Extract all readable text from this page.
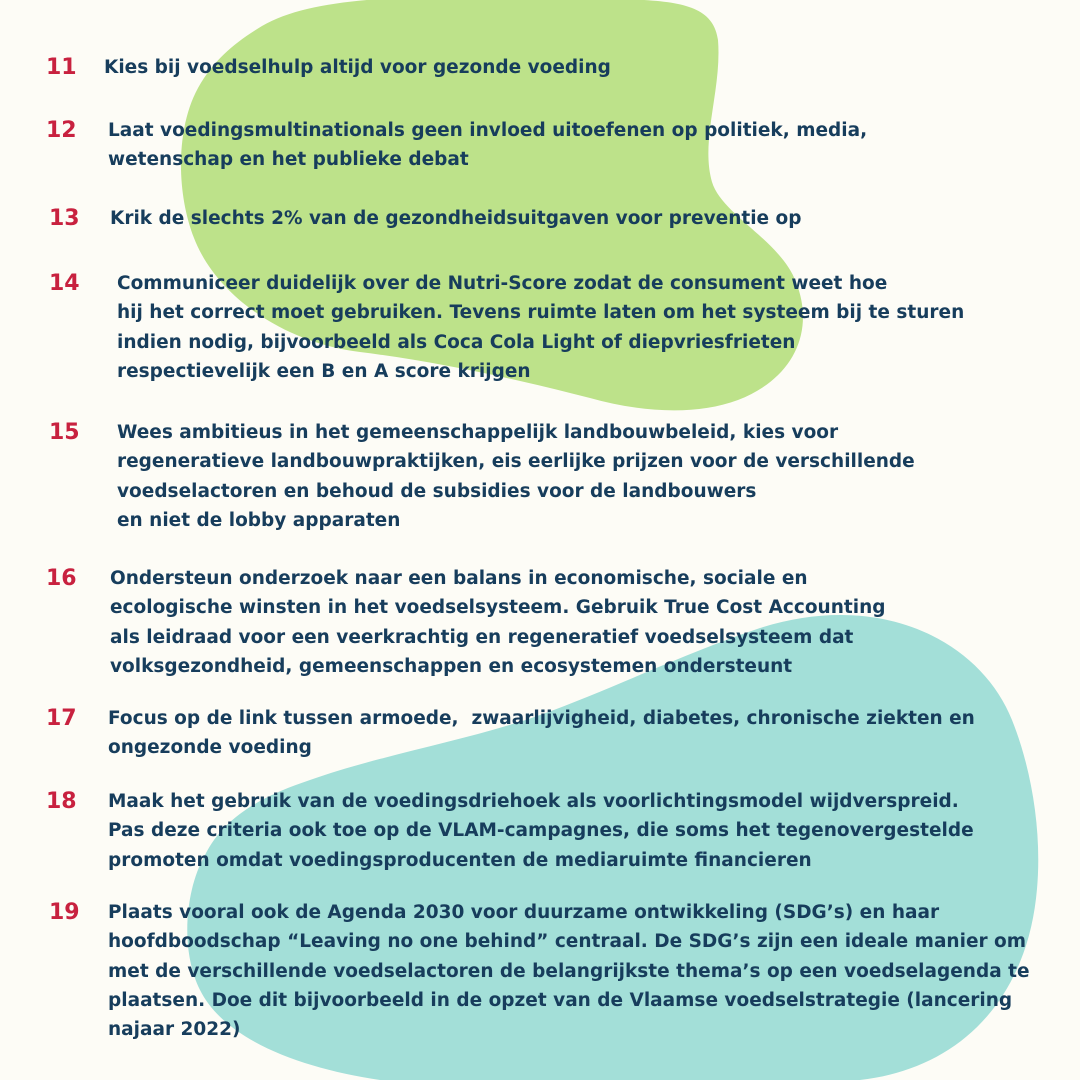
11 Kies bij voedselhulp altijd voor gezonde voeding

12 Laat voedingsmultinationals geen invloed uitoefenen op politiek, media,
wetenschap en het publieke debat

13 Krik de slechts 2% van de gezondheidsuitgaven voor preventie op

14 Communiceer duidelijk over de Nutri-Score zodat de consument weet hoe
hij het correct moet gebruiken. Tevens ruimte laten om het systeem bij te sturen
indien nodig, bijvoorbeeld als Coca Cola Light of diepvriesfrieten
respectievelijk een B en A score krijgen

15 Wees ambitieus in het gemeenschappelijk landbouwbeleid, kies voor
regeneratieve landbouwpraktijken, eis eerlijke prijzen voor de verschillende
voedselactoren en behoud de subsidies voor de landbouwers
en niet de lobby apparaten

16 Ondersteun onderzoek naar een balans in economische, sociale en
ecologische winsten in het voedselsysteem. Gebruik True Cost Accounting
als leidraad voor een veerkrachtig en regeneratief voedselsysteem dat
volksgezondheid, gemeenschappen en ecosystemen ondersteunt

17 Focus op de link tussen armoede,  zwaarlijvigheid, diabetes, chronische ziekten en
ongezonde voeding

18 Maak het gebruik van de voedingsdriehoek als voorlichtingsmodel wijdverspreid.
Pas deze criteria ook toe op de VLAM-campagnes, die soms het tegenovergestelde
promoten omdat voedingsproducenten de mediaruimte financieren

19 Plaats vooral ook de Agenda 2030 voor duurzame ontwikkeling (SDG’s) en haar
hoofdboodschap “Leaving no one behind” centraal. De SDG’s zijn een ideale manier om
met de verschillende voedselactoren de belangrijkste thema’s op een voedselagenda te
plaatsen. Doe dit bijvoorbeeld in de opzet van de Vlaamse voedselstrategie (lancering
najaar 2022)
